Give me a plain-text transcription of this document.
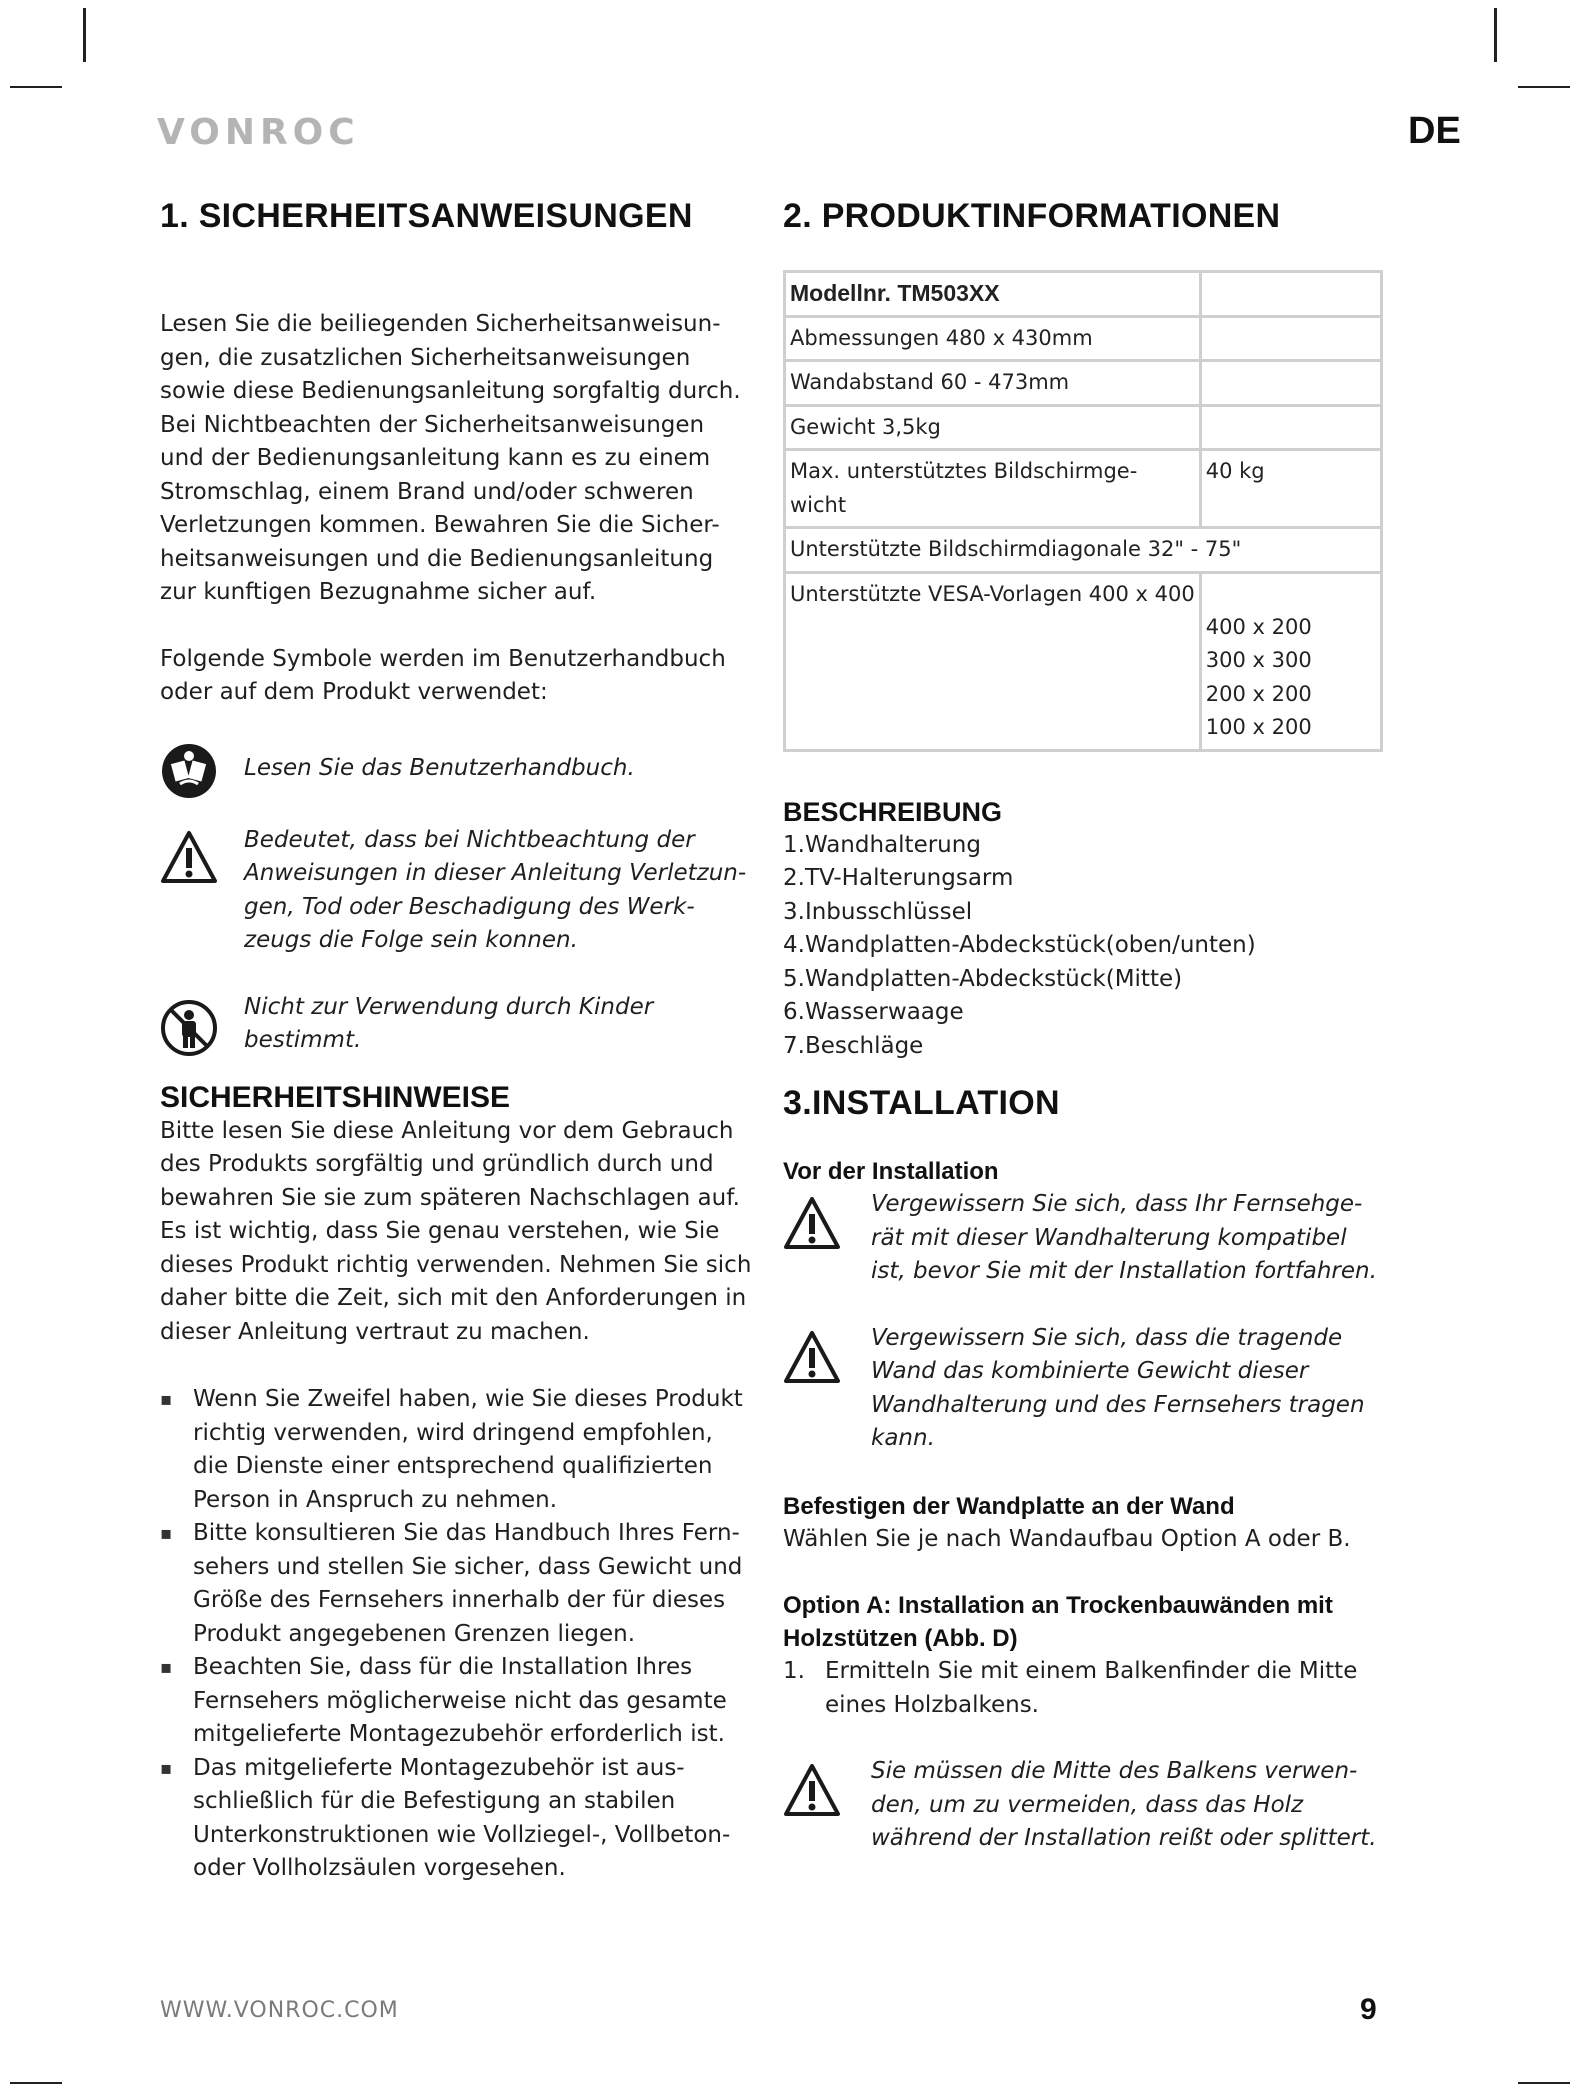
VONROC	DE
1. SICHERHEITSANWEISUNGEN

Lesen Sie die beiliegenden Sicherheitsanweisun-
gen, die zusatzlichen Sicherheitsanweisungen
sowie diese Bedienungsanleitung sorgfaltig durch.
Bei Nichtbeachten der Sicherheitsanweisungen
und der Bedienungsanleitung kann es zu einem
Stromschlag, einem Brand und/oder schweren
Verletzungen kommen. Bewahren Sie die Sicher-
heitsanweisungen und die Bedienungsanleitung
zur kunftigen Bezugnahme sicher auf.

Folgende Symbole werden im Benutzerhandbuch
oder auf dem Produkt verwendet:

Lesen Sie das Benutzerhandbuch.
Bedeutet, dass bei Nichtbeachtung der
Anweisungen in dieser Anleitung Verletzun-
gen, Tod oder Beschadigung des Werk-
zeugs die Folge sein konnen.
Nicht zur Verwendung durch Kinder
bestimmt.
SICHERHEITSHINWEISE

Bitte lesen Sie diese Anleitung vor dem Gebrauch
des Produkts sorgfältig und gründlich durch und
bewahren Sie sie zum späteren Nachschlagen auf.
Es ist wichtig, dass Sie genau verstehen, wie Sie
dieses Produkt richtig verwenden. Nehmen Sie sich
daher bitte die Zeit, sich mit den Anforderungen in
dieser Anleitung vertraut zu machen.

▪ Wenn Sie Zweifel haben, wie Sie dieses Produkt
richtig verwenden, wird dringend empfohlen,
die Dienste einer entsprechend qualifizierten
Person in Anspruch zu nehmen.
▪ Bitte konsultieren Sie das Handbuch Ihres Fern-
sehers und stellen Sie sicher, dass Gewicht und
Größe des Fernsehers innerhalb der für dieses
Produkt angegebenen Grenzen liegen.
▪ Beachten Sie, dass für die Installation Ihres
Fernsehers möglicherweise nicht das gesamte
mitgelieferte Montagezubehör erforderlich ist.
▪ Das mitgelieferte Montagezubehör ist aus-
schließlich für die Befestigung an stabilen
Unterkonstruktionen wie Vollziegel-, Vollbeton-
oder Vollholzsäulen vorgesehen.
2. PRODUKTINFORMATIONEN
Modellnr. TM503XX	
Abmessungen 480 x 430mm	
Wandabstand 60 - 473mm	
Gewicht 3,5kg	
Max. unterstütztes Bildschirmge-
wicht	40 kg
Unterstützte Bildschirmdiagonale 32" - 75"	
Unterstützte VESA-Vorlagen 400 x 400	400 x 200
300 x 300
200 x 200
100 x 200
BESCHREIBUNG
1.Wandhalterung
2.TV-Halterungsarm
3.Inbusschlüssel
4.Wandplatten-Abdeckstück(oben/unten)
5.Wandplatten-Abdeckstück(Mitte)
6.Wasserwaage
7.Beschläge
3.INSTALLATION
Vor der Installation
Vergewissern Sie sich, dass Ihr Fernsehge-
rät mit dieser Wandhalterung kompatibel
ist, bevor Sie mit der Installation fortfahren.
Vergewissern Sie sich, dass die tragende
Wand das kombinierte Gewicht dieser
Wandhalterung und des Fernsehers tragen
kann.
Befestigen der Wandplatte an der Wand

Wählen Sie je nach Wandaufbau Option A oder B.

Option A: Installation an Trockenbauwänden mit
Holzstützen (Abb. D)
1. Ermitteln Sie mit einem Balkenfinder die Mitte
eines Holzbalkens.
Sie müssen die Mitte des Balkens verwen-
den, um zu vermeiden, dass das Holz
während der Installation reißt oder splittert.
WWW.VONROC.COM	9
